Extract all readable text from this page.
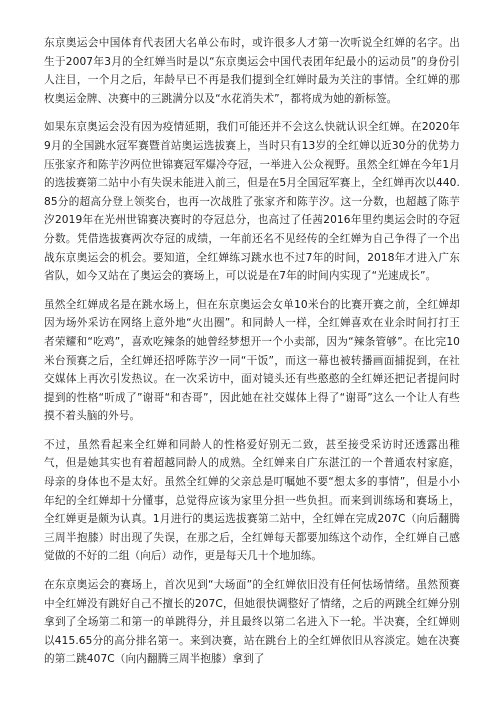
东京奥运会中国体育代表团大名单公布时，或许很多人才第一次听说全红婵的名字。出生于2007年3月的全红婵当时是以“东京奥运会中国代表团年纪最小的运动员”的身份引人注目，一个月之后，年龄早已不再是我们提到全红婵时最为关注的事情。全红婵的那枚奥运金牌、决赛中的三跳满分以及“水花消失术”，都将成为她的新标签。

如果东京奥运会没有因为疫情延期，我们可能还并不会这么快就认识全红婵。在2020年9月的全国跳水冠军赛暨首站奥运选拔赛上，当时只有13岁的全红婵以近30分的优势力压张家齐和陈芋汐两位世锦赛冠军爆冷夺冠，一举进入公众视野。虽然全红婵在今年1月的选拔赛第二站中小有失误未能进入前三，但是在5月全国冠军赛上，全红婵再次以440.85分的超高分登上领奖台，也再一次战胜了张家齐和陈芋汐。这一分数，也超越了陈芋汐2019年在光州世锦赛决赛时的夺冠总分，也高过了任茜2016年里约奥运会时的夺冠分数。凭借选拔赛两次夺冠的成绩，一年前还名不见经传的全红婵为自己争得了一个出战东京奥运会的机会。要知道，全红婵练习跳水也不过7年的时间，2018年才进入广东省队，如今又站在了奥运会的赛场上，可以说是在7年的时间内实现了“光速成长”。

虽然全红婵成名是在跳水场上，但在东京奥运会女单10米台的比赛开赛之前，全红婵却因为场外采访在网络上意外地“火出圈”。和同龄人一样，全红婵喜欢在业余时间打打王者荣耀和“吃鸡”，喜欢吃辣条的她曾经梦想开一个小卖部，因为“辣条管够”。在比完10米台预赛之后，全红婵还招呼陈芋汐一同“干饭”，而这一幕也被转播画面捕捉到，在社交媒体上再次引发热议。在一次采访中，面对镜头还有些憨憨的全红婵还把记者提问时提到的性格“听成了”谢哥“和杏哥”，因此她在社交媒体上得了“谢哥”这么一个让人有些摸不着头脑的外号。

不过，虽然看起来全红婵和同龄人的性格爱好别无二致，甚至接受采访时还透露出稚气，但是她其实也有着超越同龄人的成熟。全红婵来自广东湛江的一个普通农村家庭，母亲的身体也不是太好。虽然全红婵的父亲总是叮嘱她不要“想太多的事情”，但是小小年纪的全红婵却十分懂事，总觉得应该为家里分担一些负担。而来到训练场和赛场上，全红婵更是颇为认真。1月进行的奥运选拔赛第二站中，全红婵在完成207C（向后翻腾三周半抱膝）时出现了失误，在那之后，全红婵每天都要加练这个动作，全红婵自己感觉做的不好的二组（向后）动作，更是每天几十个地加练。

在东京奥运会的赛场上，首次见到“大场面”的全红婵依旧没有任何怯场情绪。虽然预赛中全红婵没有跳好自己不擅长的207C，但她很快调整好了情绪，之后的两跳全红婵分别拿到了全场第二和第一的单跳得分，并且最终以第二名进入下一轮。半决赛，全红婵则以415.65分的高分排名第一。来到决赛，站在跳台上的全红婵依旧从容淡定。她在决赛的第二跳407C（向内翻腾三周半抱膝）拿到了
